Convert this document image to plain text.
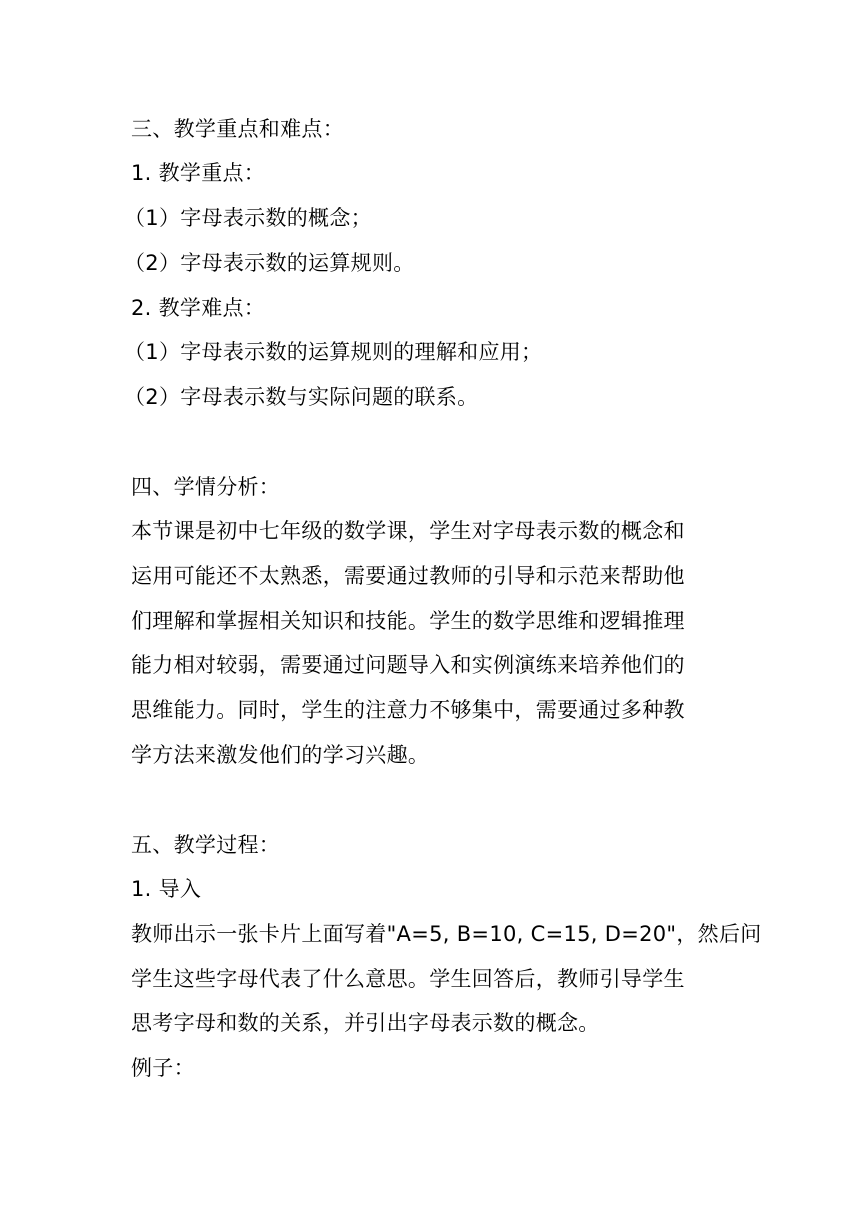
三、教学重点和难点：
1. 教学重点：
（1）字母表示数的概念；
（2）字母表示数的运算规则。
2. 教学难点：
（1）字母表示数的运算规则的理解和应用；
（2）字母表示数与实际问题的联系。
四、学情分析：
本节课是初中七年级的数学课，学生对字母表示数的概念和
运用可能还不太熟悉，需要通过教师的引导和示范来帮助他
们理解和掌握相关知识和技能。学生的数学思维和逻辑推理
能力相对较弱，需要通过问题导入和实例演练来培养他们的
思维能力。同时，学生的注意力不够集中，需要通过多种教
学方法来激发他们的学习兴趣。
五、教学过程：
1. 导入
教师出示一张卡片上面写着"A=5, B=10, C=15, D=20"，然后问
学生这些字母代表了什么意思。学生回答后，教师引导学生
思考字母和数的关系，并引出字母表示数的概念。
例子：
